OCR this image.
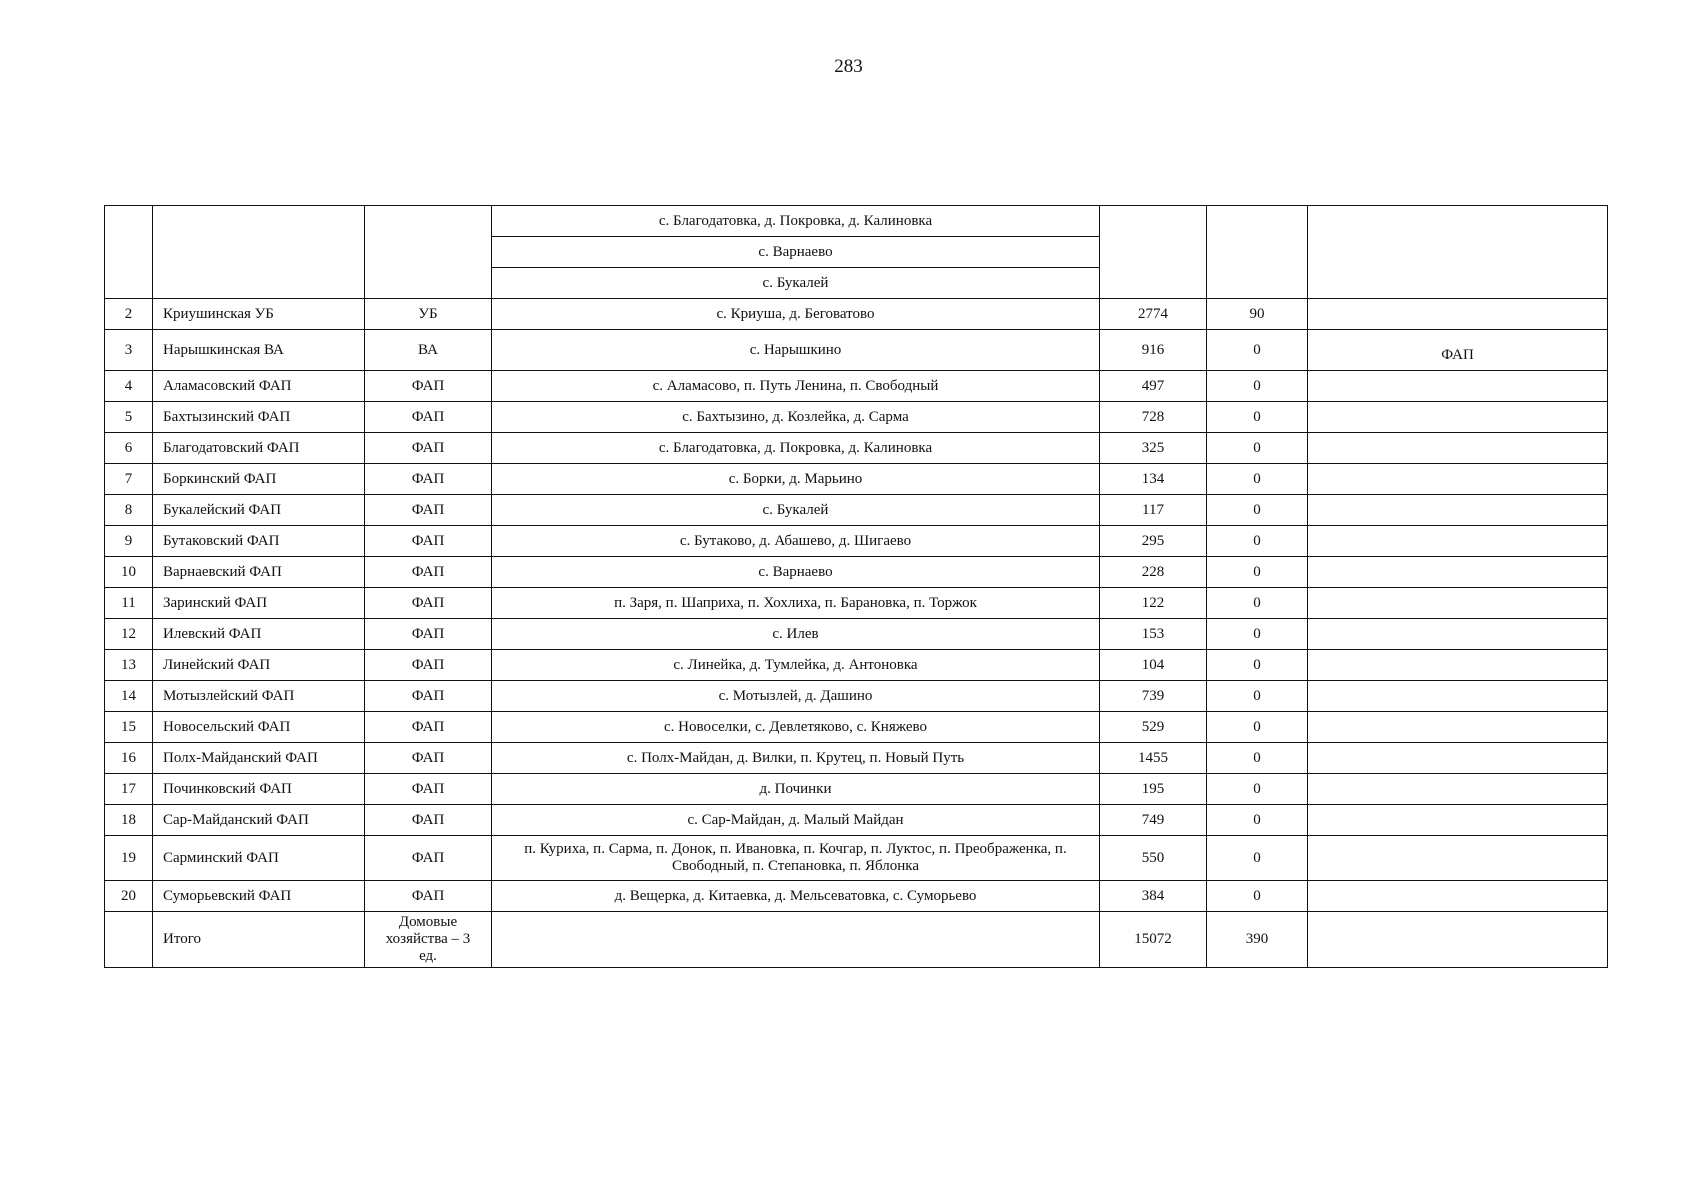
283
			с. Благодатовка, д. Покровка, д. Калиновка			
			с. Варнаево			
			с. Букалей			
2	Криушинская УБ	УБ	с. Криуша, д. Беговатово	2774	90	
3	Нарышкинская ВА	ВА	с. Нарышкино	916	0	ФАП
4	Аламасовский ФАП	ФАП	с. Аламасово, п. Путь Ленина, п. Свободный	497	0	
5	Бахтызинский ФАП	ФАП	с. Бахтызино, д. Козлейка, д. Сарма	728	0	
6	Благодатовский ФАП	ФАП	с. Благодатовка, д. Покровка, д. Калиновка	325	0	
7	Боркинский ФАП	ФАП	с. Борки, д. Марьино	134	0	
8	Букалейский ФАП	ФАП	с. Букалей	117	0	
9	Бутаковский ФАП	ФАП	с. Бутаково, д. Абашево, д. Шигаево	295	0	
10	Варнаевский ФАП	ФАП	с. Варнаево	228	0	
11	Заринский ФАП	ФАП	п. Заря, п. Шаприха, п. Хохлиха, п. Барановка, п. Торжок	122	0	
12	Илевский ФАП	ФАП	с. Илев	153	0	
13	Линейский ФАП	ФАП	с. Линейка, д. Тумлейка, д. Антоновка	104	0	
14	Мотызлейский ФАП	ФАП	с. Мотызлей, д. Дашино	739	0	
15	Новосельский ФАП	ФАП	с. Новоселки, с. Девлетяково, с. Княжево	529	0	
16	Полх-Майданский ФАП	ФАП	с. Полх-Майдан, д. Вилки, п. Крутец, п. Новый Путь	1455	0	
17	Починковский ФАП	ФАП	д. Починки	195	0	
18	Сар-Майданский ФАП	ФАП	с. Сар-Майдан, д. Малый Майдан	749	0	
19	Сарминский ФАП	ФАП	п. Куриха, п. Сарма, п. Донок, п. Ивановка, п. Кочгар, п. Луктос, п. Преображенка, п. Свободный, п. Степановка, п. Яблонка	550	0	
20	Суморьевский ФАП	ФАП	д. Вещерка, д. Китаевка, д. Мельсеватовка, с. Суморьево	384	0	
	Итого	Домовые хозяйства – 3 ед.		15072	390	
